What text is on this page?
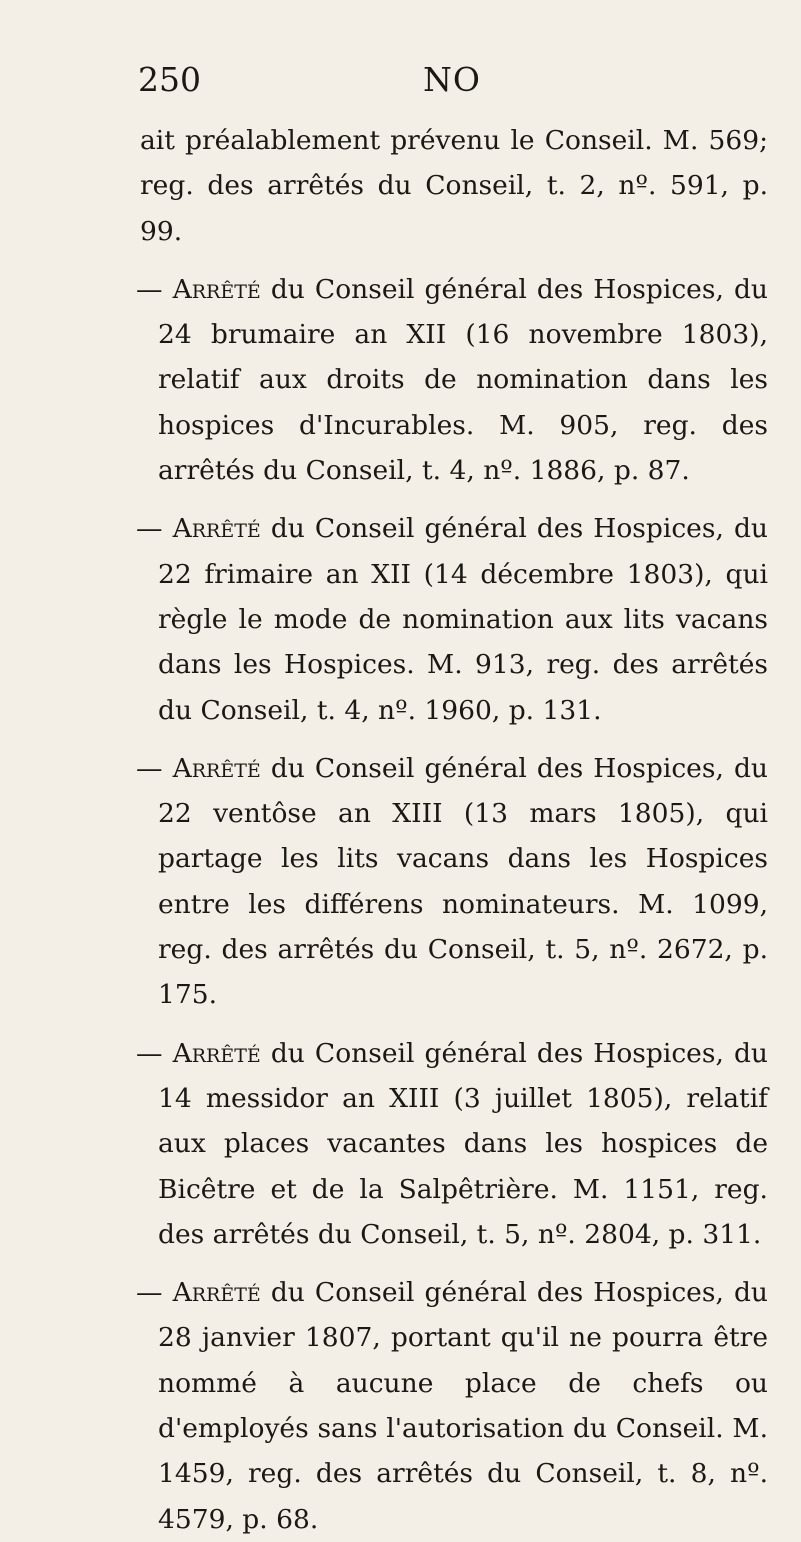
250	NO

ait préalablement prévenu le Conseil. M. 569; reg. des arrêtés du Conseil, t. 2, nº. 591, p. 99.

— Arrêté du Conseil général des Hospices, du 24 brumaire an XII (16 novembre 1803), relatif aux droits de nomination dans les hospices d'Incurables. M. 905, reg. des arrêtés du Conseil, t. 4, nº. 1886, p. 87.

— Arrêté du Conseil général des Hospices, du 22 frimaire an XII (14 décembre 1803), qui règle le mode de nomination aux lits vacans dans les Hospices. M. 913, reg. des arrêtés du Conseil, t. 4, nº. 1960, p. 131.

— Arrêté du Conseil général des Hospices, du 22 ventôse an XIII (13 mars 1805), qui partage les lits vacans dans les Hospices entre les différens nominateurs. M. 1099, reg. des arrêtés du Conseil, t. 5, nº. 2672, p. 175.

— Arrêté du Conseil général des Hospices, du 14 messidor an XIII (3 juillet 1805), relatif aux places vacantes dans les hospices de Bicêtre et de la Salpêtrière. M. 1151, reg. des arrêtés du Conseil, t. 5, nº. 2804, p. 311.

— Arrêté du Conseil général des Hospices, du 28 janvier 1807, portant qu'il ne pourra être nommé à aucune place de chefs ou d'employés sans l'autorisation du Conseil. M. 1459, reg. des arrêtés du Conseil, t. 8, nº. 4579, p. 68.
